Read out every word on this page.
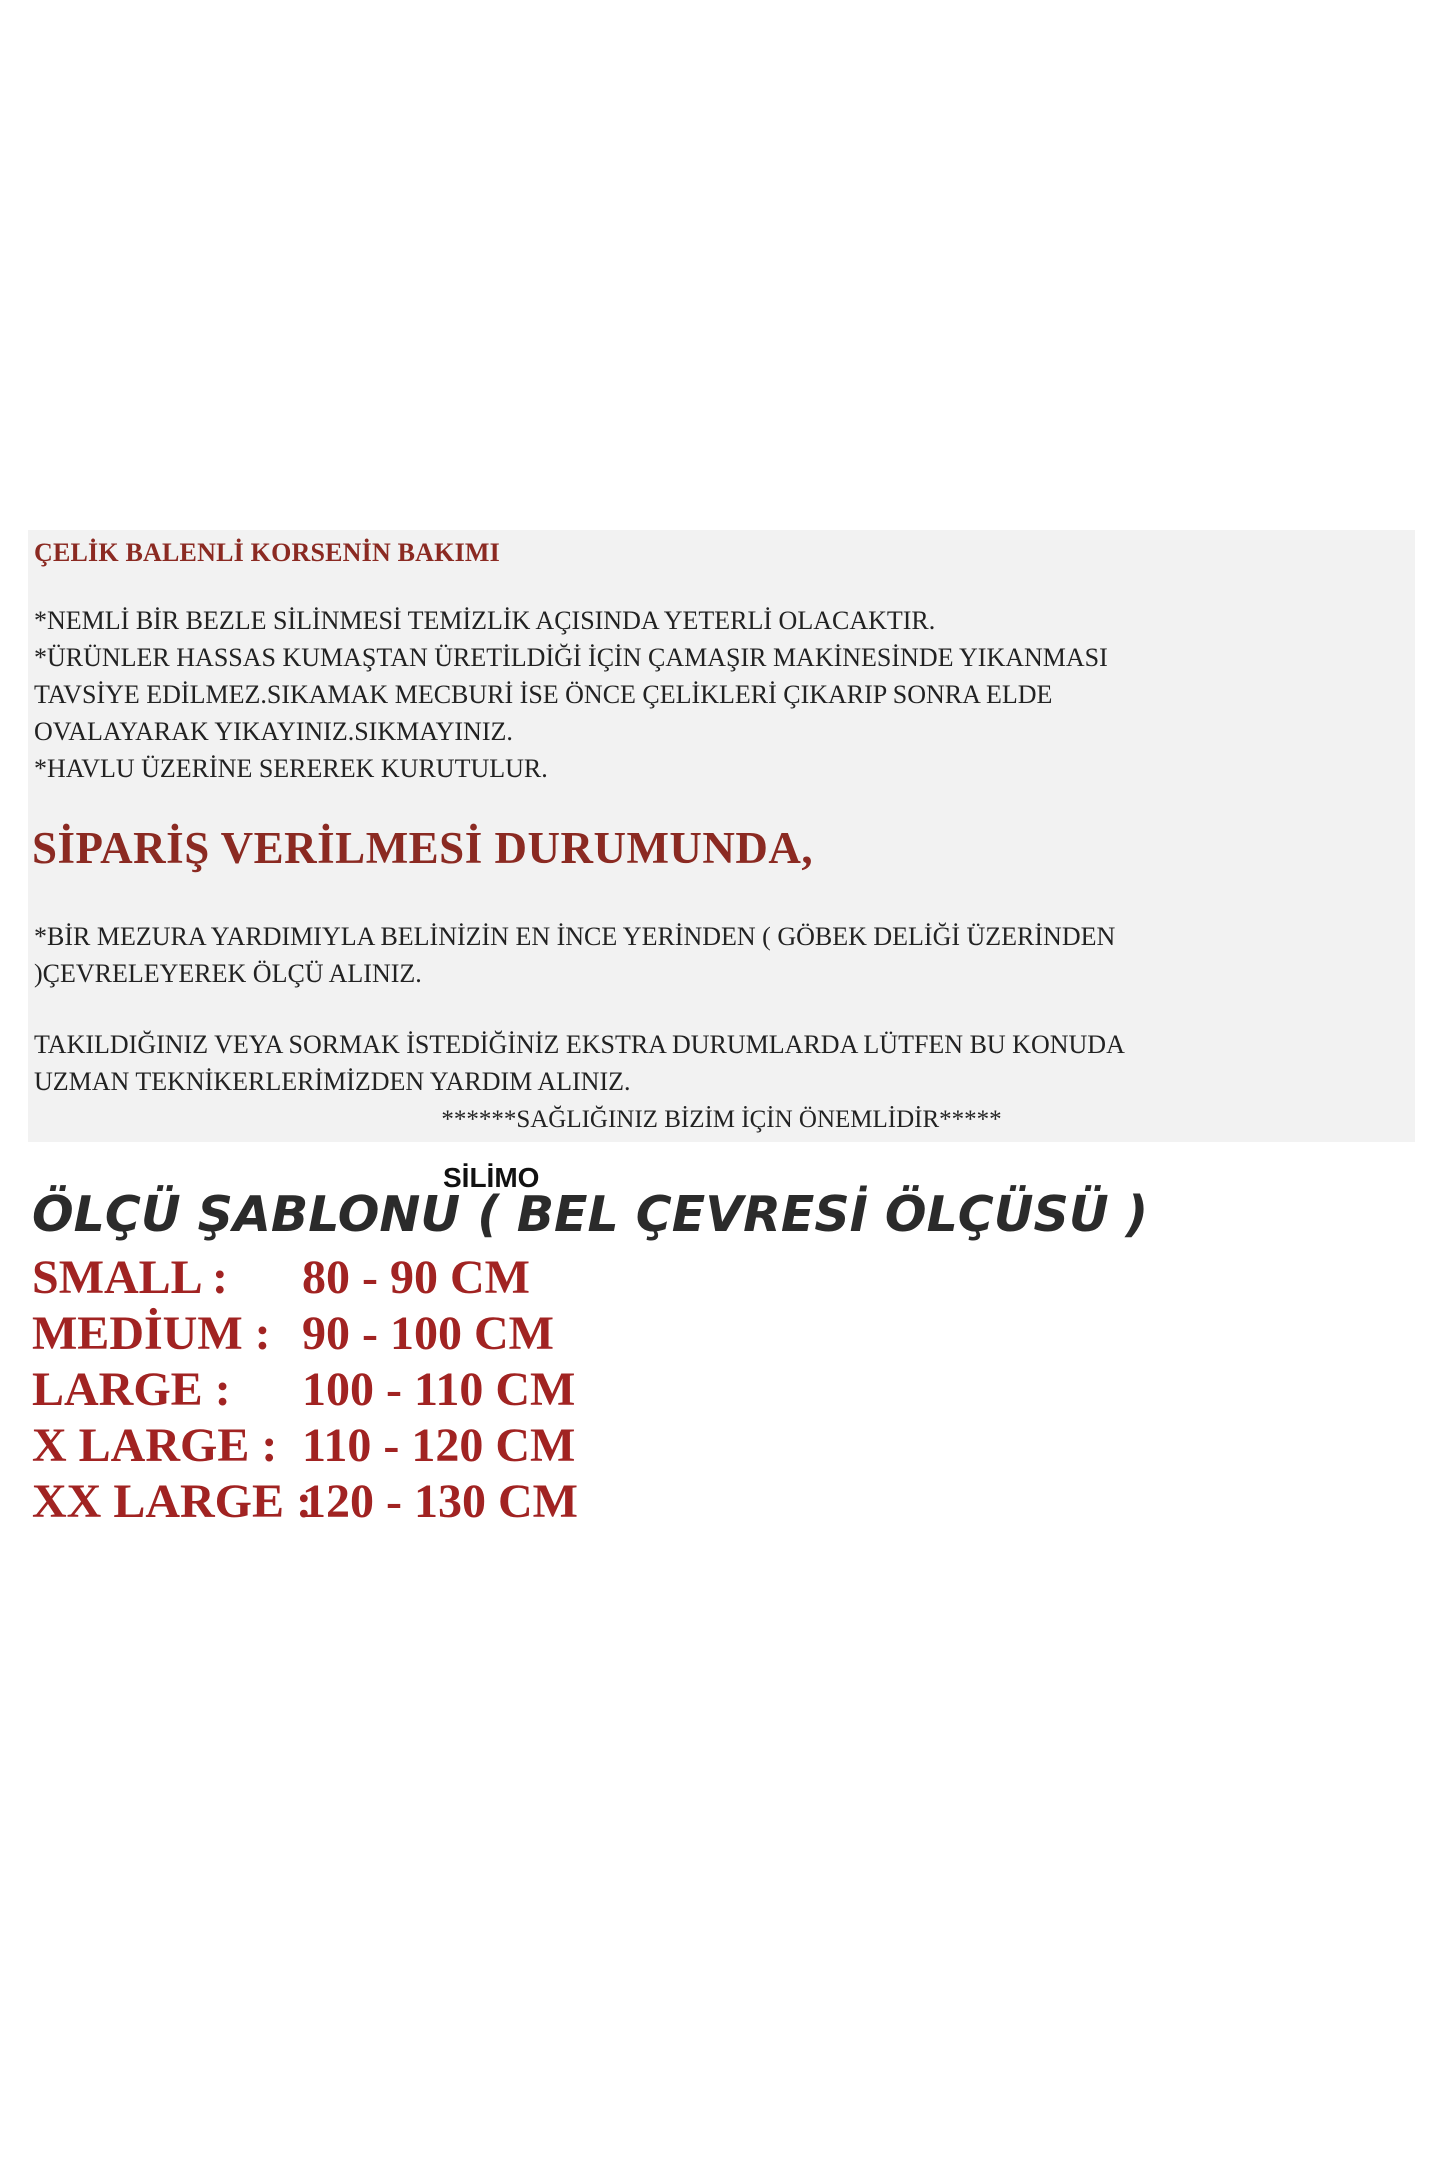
ÇELİK BALENLİ KORSENİN BAKIMI
*NEMLİ BİR BEZLE SİLİNMESİ TEMİZLİK AÇISINDA YETERLİ OLACAKTIR.
*ÜRÜNLER HASSAS KUMAŞTAN ÜRETİLDİĞİ İÇİN ÇAMAŞIR MAKİNESİNDE YIKANMASI
TAVSİYE EDİLMEZ.SIKAMAK MECBURİ İSE ÖNCE ÇELİKLERİ ÇIKARIP SONRA ELDE
OVALAYARAK YIKAYINIZ.SIKMAYINIZ.
*HAVLU ÜZERİNE SEREREK KURUTULUR.
SİPARİŞ VERİLMESİ DURUMUNDA,
*BİR MEZURA YARDIMIYLA BELİNİZİN EN İNCE YERİNDEN ( GÖBEK DELİĞİ ÜZERİNDEN
)ÇEVRELEYEREK ÖLÇÜ ALINIZ.
TAKILDIĞINIZ VEYA SORMAK İSTEDİĞİNİZ EKSTRA DURUMLARDA LÜTFEN BU KONUDA
UZMAN TEKNİKERLERİMİZDEN YARDIM ALINIZ.

******SAĞLIĞINIZ BİZİM İÇİN ÖNEMLİDİR*****

SİLİMO
ÖLÇÜ ŞABLONU ( BEL ÇEVRESİ ÖLÇÜSÜ )
SMALL : 80 - 90 CM
MEDİUM : 90 - 100 CM
LARGE : 100 - 110 CM
X LARGE : 110 - 120 CM
XX LARGE :
120 - 130 CM
